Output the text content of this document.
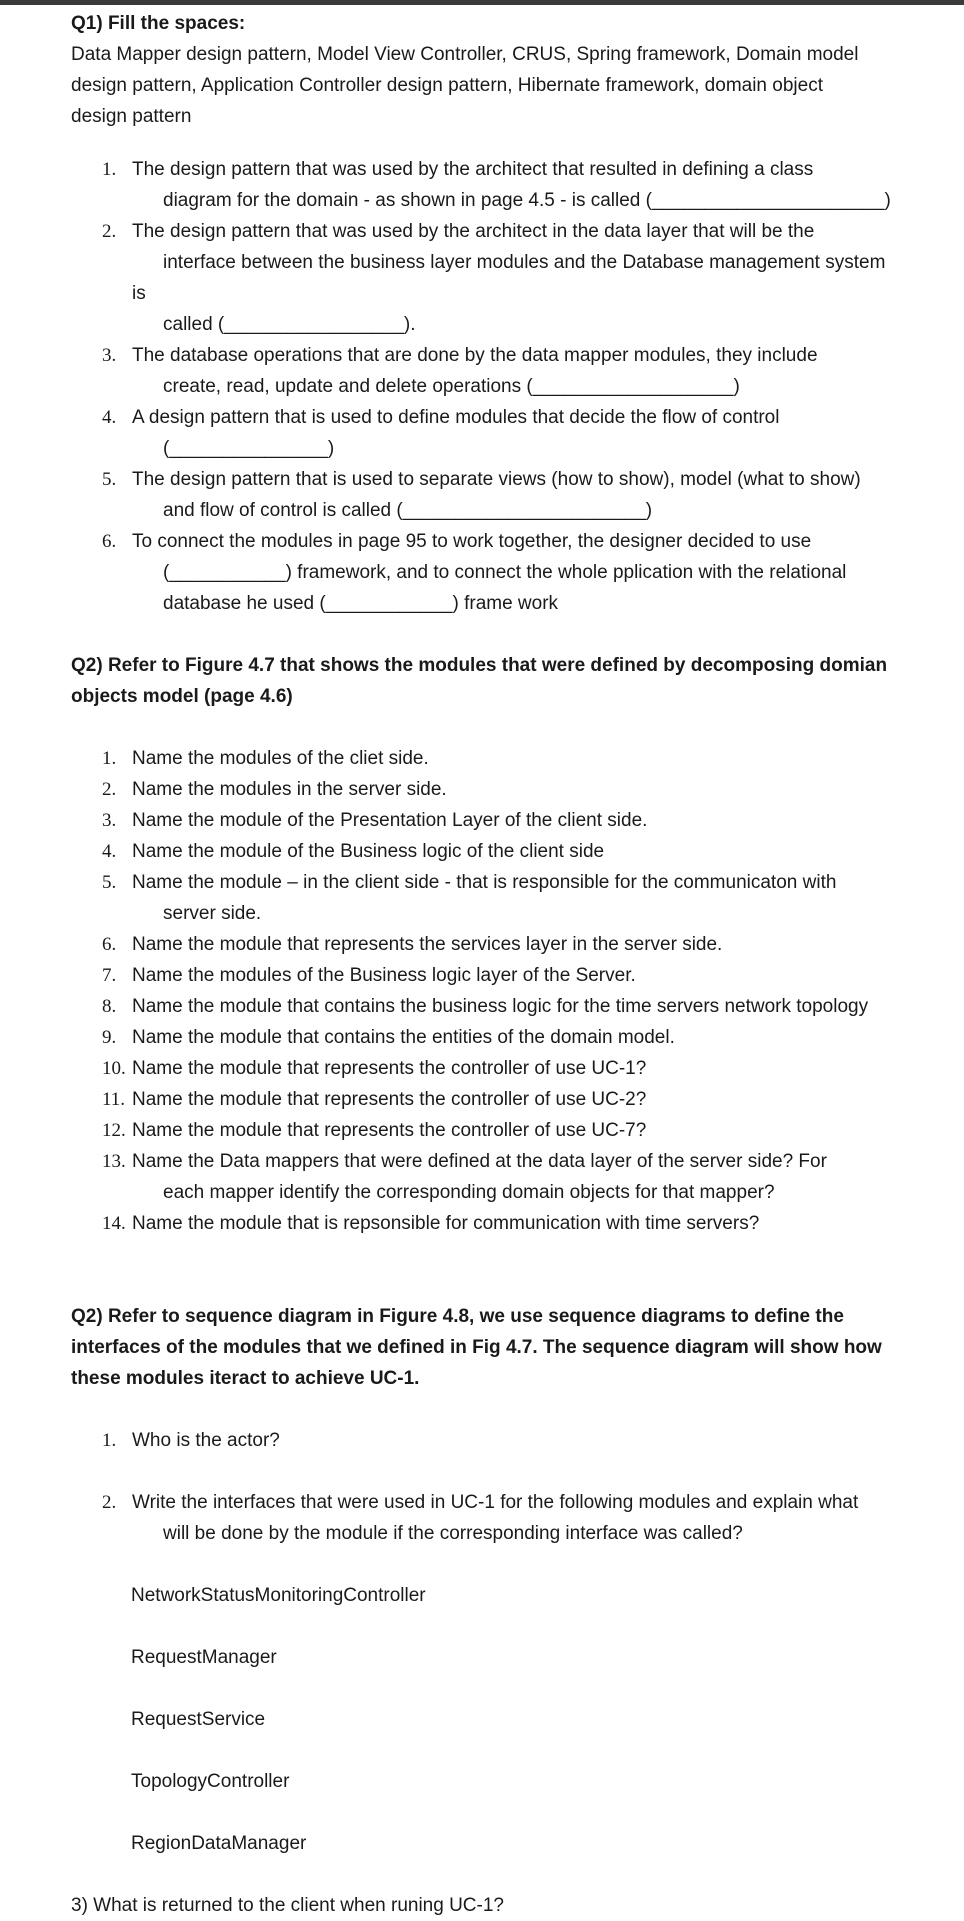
Q1) Fill the spaces:
Data Mapper design pattern, Model View Controller, CRUS, Spring framework, Domain model design pattern, Application Controller design pattern, Hibernate framework, domain object design pattern
1. The design pattern that was used by the architect that resulted in defining a class
diagram for the domain - as shown in page 4.5 - is called (______________________)
2. The design pattern that was used by the architect in the data layer that will be the
interface between the business layer modules and the Database management system is
called (_________________).
3. The database operations that are done by the data mapper modules, they include
create, read, update and delete operations (___________________)
4. A design pattern that is used to define modules that decide the flow of control
(_______________)
5. The design pattern that is used to separate views (how to show), model (what to show)
and flow of control is called (_______________________)
6. To connect the modules in page 95 to work together, the designer decided to use
(___________) framework, and to connect the whole pplication with the relational
database he used (____________) frame work
Q2) Refer to Figure 4.7 that shows the modules that were defined by decomposing domian
objects model (page 4.6)
1. Name the modules of the cliet side.
2. Name the modules in the server side.
3. Name the module of the Presentation Layer of the client side.
4. Name the module of the Business logic of the client side
5. Name the module – in the client side - that is responsible for the communicaton with
server side.
6. Name the module that represents the services layer in the server side.
7. Name the modules of the Business logic layer of the Server.
8. Name the module that contains the business logic for the time servers network topology
9. Name the module that contains the entities of the domain model.
10. Name the module that represents the controller of use UC-1?
11. Name the module that represents the controller of use UC-2?
12. Name the module that represents the controller of use UC-7?
13. Name the Data mappers that were defined at the data layer of the server side? For
each mapper identify the corresponding domain objects for that mapper?
14. Name the module that is repsonsible for communication with time servers?
Q2) Refer to sequence diagram in Figure 4.8, we use sequence diagrams to define the
interfaces of the modules that we defined in Fig 4.7. The sequence diagram will show how
these modules iteract to achieve UC-1.
1. Who is the actor?
2. Write the interfaces that were used in UC-1 for the following modules and explain what
will be done by the module if the corresponding interface was called?
NetworkStatusMonitoringController
RequestManager
RequestService
TopologyController
RegionDataManager
3) What is returned to the client when runing UC-1?
